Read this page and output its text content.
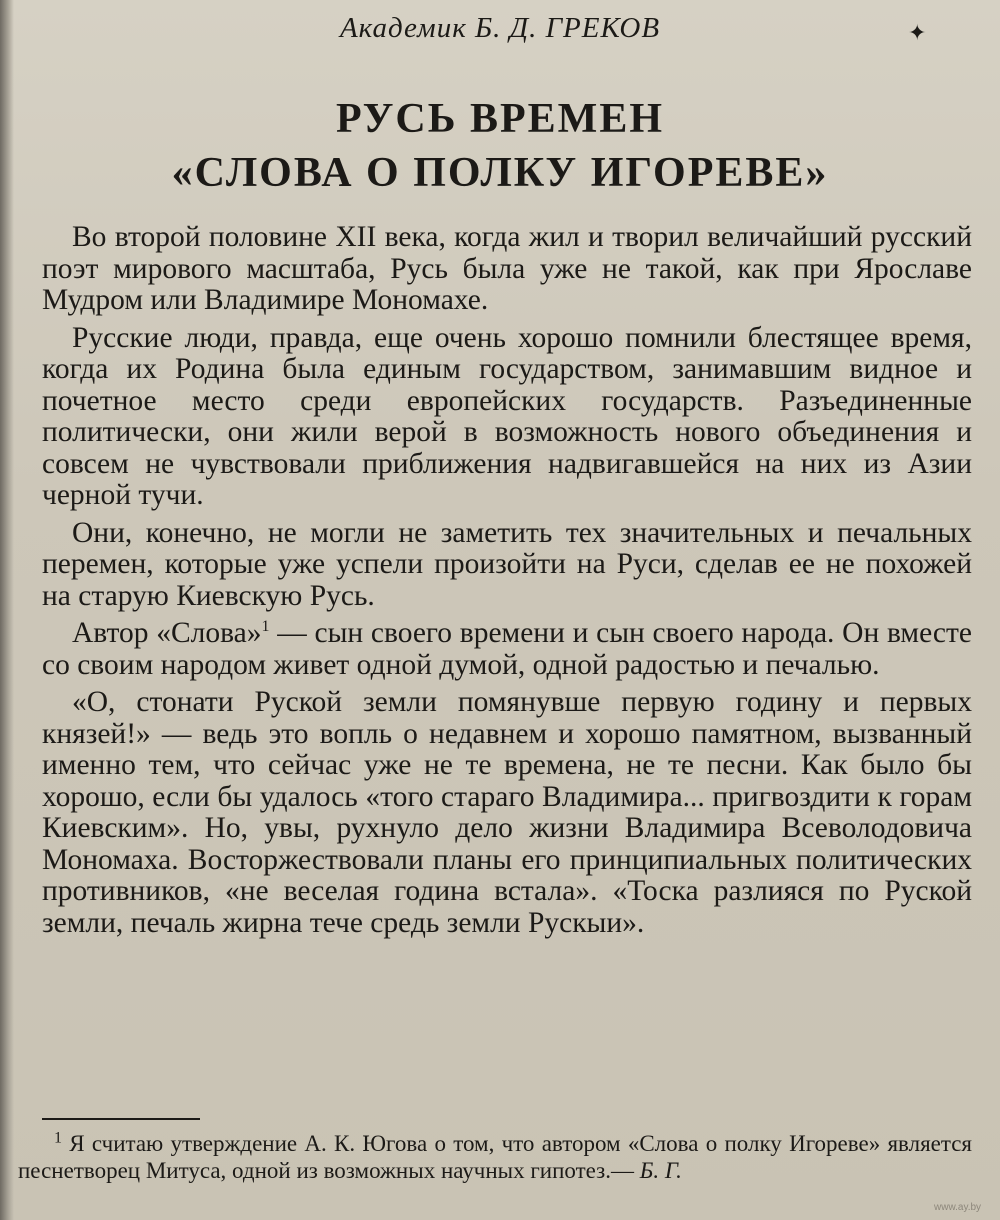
Академик Б. Д. ГРЕКОВ	✦
РУСЬ ВРЕМЕН
«СЛОВА О ПОЛКУ ИГОРЕВЕ»

Во второй половине XII века, когда жил и творил величайший русский поэт мирового масштаба, Русь была уже не такой, как при Ярославе Мудром или Владимире Мономахе.

Русские люди, правда, еще очень хорошо помнили блестящее время, когда их Родина была единым государством, занимавшим видное и почетное место среди европейских государств. Разъединенные политически, они жили верой в возможность нового объединения и совсем не чувствовали приближения надвигавшейся на них из Азии черной тучи.

Они, конечно, не могли не заметить тех значительных и печальных перемен, которые уже успели произойти на Руси, сделав ее не похожей на старую Киевскую Русь.

Автор «Слова»$^1$ — сын своего времени и сын своего народа. Он вместе со своим народом живет одной думой, одной радостью и печалью.

«О, стонати Руской земли помянувше первую годину и первых князей!» — ведь это вопль о недавнем и хорошо памятном, вызванный именно тем, что сейчас уже не те времена, не те песни. Как было бы хорошо, если бы удалось «того стараго Владимира... пригвоздити к горам Киевским». Но, увы, рухнуло дело жизни Владимира Всеволодовича Мономаха. Восторжествовали планы его принципиальных политических противников, «не веселая година встала». «Тоска разлияся по Руской земли, печаль жирна тече средь земли Рускыи».

$^1$ Я считаю утверждение А. К. Югова о том, что автором «Слова о полку Игореве» является песнетворец Митуса, одной из возможных научных гипотез.— Б. Г.

www.ay.by
